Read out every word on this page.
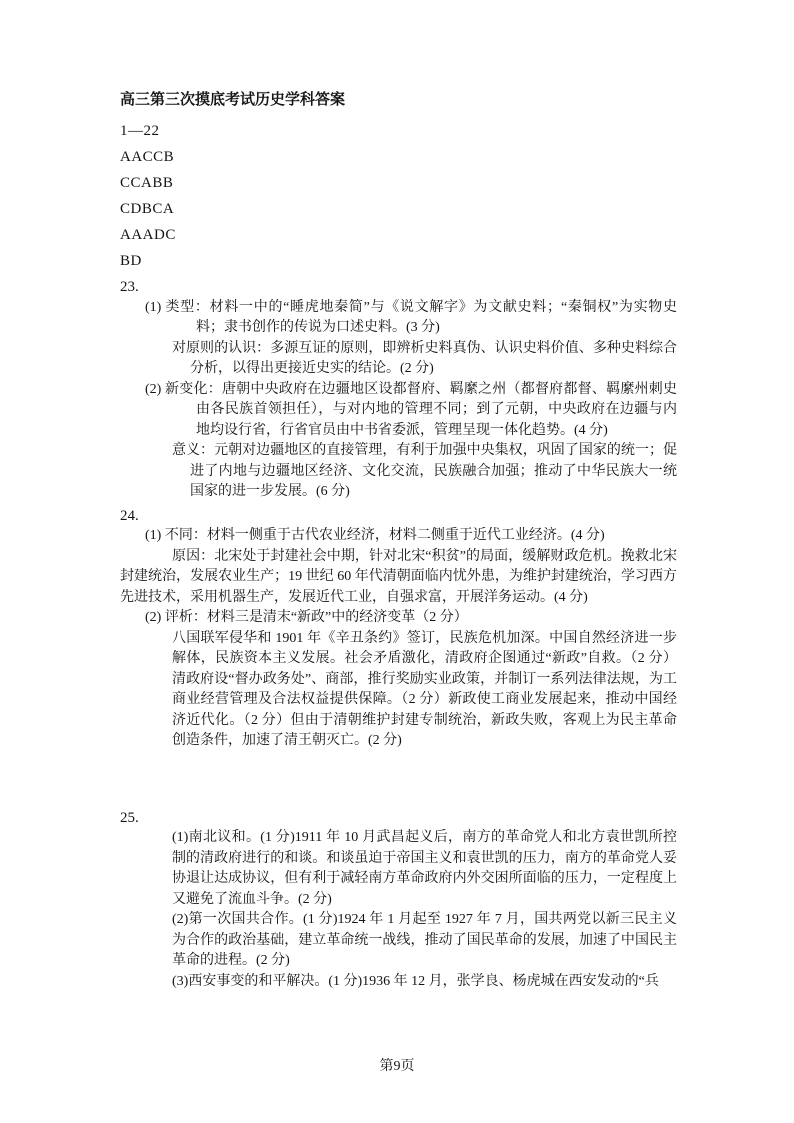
高三第三次摸底考试历史学科答案
1—22
AACCB
CCABB
CDBCA
AAADC
BD
23.

(1) 类型：材料一中的“睡虎地秦简”与《说文解字》为文献史料；“秦铜权”为实物史料；隶书创作的传说为口述史料。(3 分)

对原则的认识：多源互证的原则，即辨析史料真伪、认识史料价值、多种史料综合分析，以得出更接近史实的结论。(2 分)

(2) 新变化：唐朝中央政府在边疆地区设都督府、羁縻之州（都督府都督、羁縻州刺史由各民族首领担任），与对内地的管理不同；到了元朝，中央政府在边疆与内地均设行省，行省官员由中书省委派，管理呈现一体化趋势。(4 分)

意义：元朝对边疆地区的直接管理，有利于加强中央集权，巩固了国家的统一；促进了内地与边疆地区经济、文化交流，民族融合加强；推动了中华民族大一统国家的进一步发展。(6 分)

24.

(1) 不同：材料一侧重于古代农业经济，材料二侧重于近代工业经济。(4 分)

原因：北宋处于封建社会中期，针对北宋“积贫”的局面，缓解财政危机。挽救北宋封建统治，发展农业生产；19 世纪 60 年代清朝面临内忧外患，为维护封建统治，学习西方先进技术，采用机器生产，发展近代工业，自强求富，开展洋务运动。(4 分)

(2) 评析：材料三是清末“新政”中的经济变革（2 分）

八国联军侵华和 1901 年《辛丑条约》签订，民族危机加深。中国自然经济进一步解体，民族资本主义发展。社会矛盾激化，清政府企图通过“新政”自救。（2 分）清政府设“督办政务处”、商部，推行奖励实业政策，并制订一系列法律法规，为工商业经营管理及合法权益提供保障。（2 分）新政使工商业发展起来，推动中国经济近代化。（2 分）但由于清朝维护封建专制统治，新政失败，客观上为民主革命创造条件，加速了清王朝灭亡。(2 分)

25.

(1)南北议和。(1 分)1911 年 10 月武昌起义后，南方的革命党人和北方袁世凯所控制的清政府进行的和谈。和谈虽迫于帝国主义和袁世凯的压力，南方的革命党人妥协退让达成协议，但有利于减轻南方革命政府内外交困所面临的压力，一定程度上又避免了流血斗争。(2 分)

(2)第一次国共合作。(1 分)1924 年 1 月起至 1927 年 7 月，国共两党以新三民主义为合作的政治基础，建立革命统一战线，推动了国民革命的发展，加速了中国民主革命的进程。(2 分)

(3)西安事变的和平解决。(1 分)1936 年 12 月，张学良、杨虎城在西安发动的“兵

第9页
